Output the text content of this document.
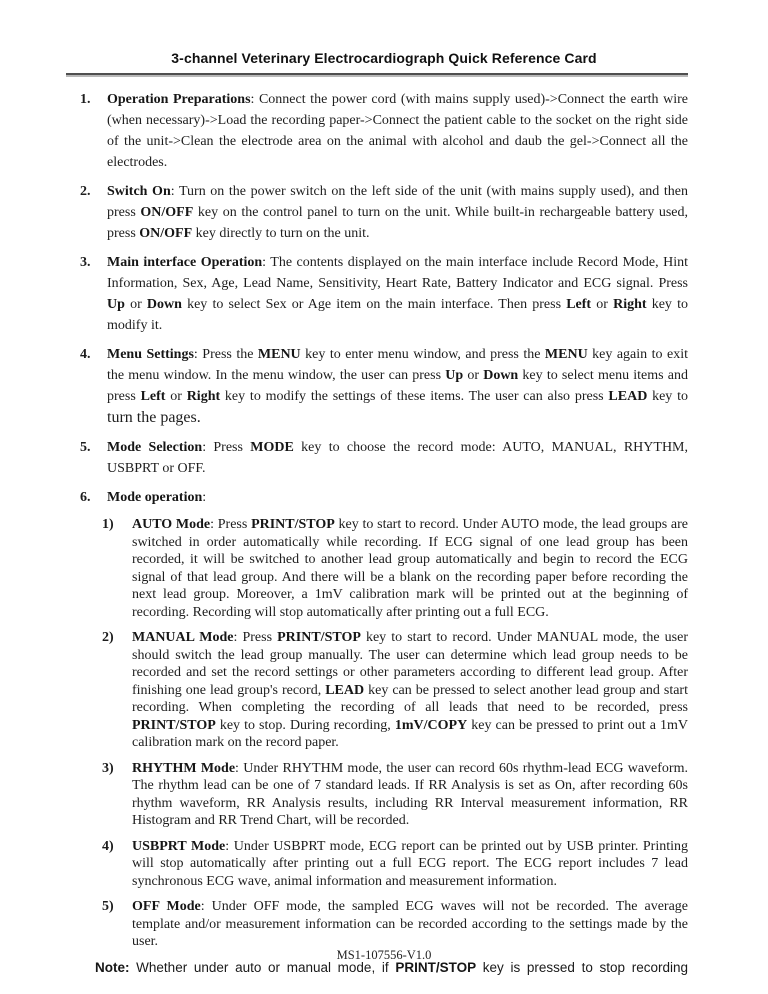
3-channel Veterinary Electrocardiograph Quick Reference Card
1.	Operation Preparations: Connect the power cord (with mains supply used)->Connect the earth wire (when necessary)->Load the recording paper->Connect the patient cable to the socket on the right side of the unit->Clean the electrode area on the animal with alcohol and daub the gel->Connect all the electrodes.
2.	Switch On: Turn on the power switch on the left side of the unit (with mains supply used), and then press ON/OFF key on the control panel to turn on the unit. While built-in rechargeable battery used, press ON/OFF key directly to turn on the unit.
3.	Main interface Operation: The contents displayed on the main interface include Record Mode, Hint Information, Sex, Age, Lead Name, Sensitivity, Heart Rate, Battery Indicator and ECG signal. Press Up or Down key to select Sex or Age item on the main interface. Then press Left or Right key to modify it.
4.	Menu Settings: Press the MENU key to enter menu window, and press the MENU key again to exit the menu window. In the menu window, the user can press Up or Down key to select menu items and press Left or Right key to modify the settings of these items. The user can also press LEAD key to turn the pages.
5.	Mode Selection: Press MODE key to choose the record mode: AUTO, MANUAL, RHYTHM, USBPRT or OFF.
6.	Mode operation:
1)	AUTO Mode: Press PRINT/STOP key to start to record. Under AUTO mode, the lead groups are switched in order automatically while recording. If ECG signal of one lead group has been recorded, it will be switched to another lead group automatically and begin to record the ECG signal of that lead group. And there will be a blank on the recording paper before recording the next lead group. Moreover, a 1mV calibration mark will be printed out at the beginning of recording. Recording will stop automatically after printing out a full ECG.
2)	MANUAL Mode: Press PRINT/STOP key to start to record. Under MANUAL mode, the user should switch the lead group manually. The user can determine which lead group needs to be recorded and set the record settings or other parameters according to different lead group. After finishing one lead group's record, LEAD key can be pressed to select another lead group and start recording. When completing the recording of all leads that need to be recorded, press PRINT/STOP key to stop. During recording, 1mV/COPY key can be pressed to print out a 1mV calibration mark on the record paper.
3)	RHYTHM Mode: Under RHYTHM mode, the user can record 60s rhythm-lead ECG waveform. The rhythm lead can be one of 7 standard leads. If RR Analysis is set as On, after recording 60s rhythm waveform, RR Analysis results, including RR Interval measurement information, RR Histogram and RR Trend Chart, will be recorded.
4)	USBPRT Mode: Under USBPRT mode, ECG report can be printed out by USB printer. Printing will stop automatically after printing out a full ECG report. The ECG report includes 7 lead synchronous ECG wave, animal information and measurement information.
5)	OFF Mode: Under OFF mode, the sampled ECG waves will not be recorded. The average template and/or measurement information can be recorded according to the settings made by the user.
Note: Whether under auto or manual mode, if PRINT/STOP key is pressed to stop recording
MS1-107556-V1.0
